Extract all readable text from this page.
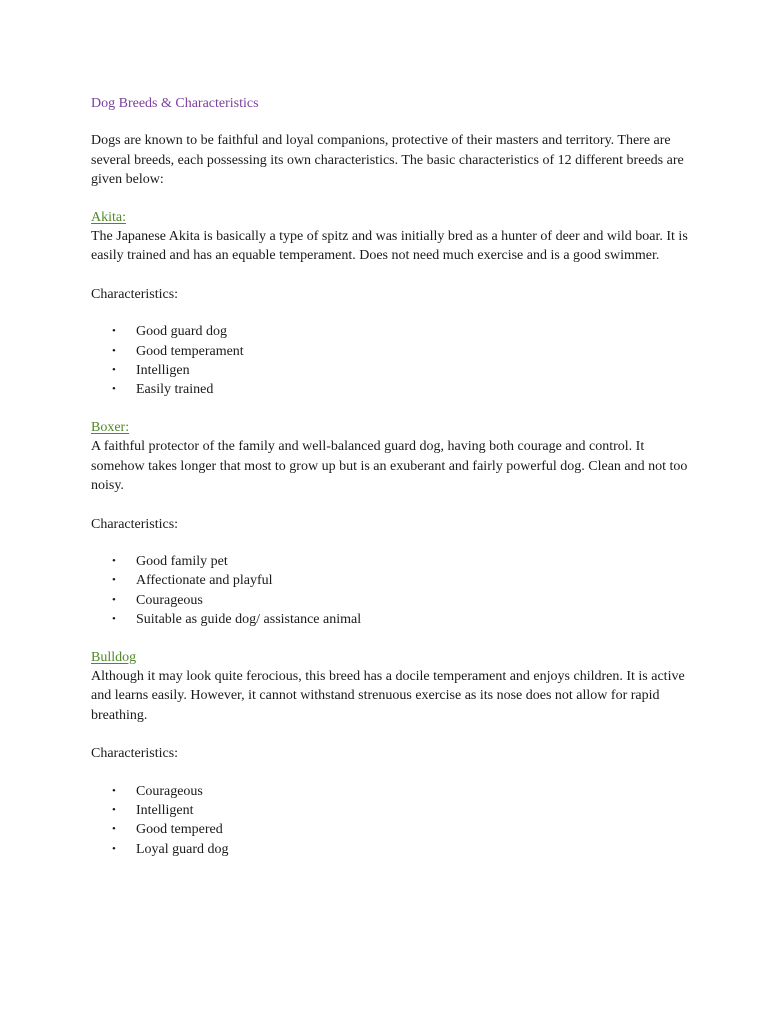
Dog Breeds & Characteristics

Dogs are known to be faithful and loyal companions, protective of their masters and territory. There are several breeds, each possessing its own characteristics. The basic characteristics of 12 different breeds are given below:

Akita:

The Japanese Akita is basically a type of spitz and was initially bred as a hunter of deer and wild boar. It is easily trained and has an equable temperament. Does not need much exercise and is a good swimmer.

Characteristics:

• Good guard dog
• Good temperament
• Intelligen
• Easily trained

Boxer:

A faithful protector of the family and well-balanced guard dog, having both courage and control. It somehow takes longer that most to grow up but is an exuberant and fairly powerful dog. Clean and not too noisy.

Characteristics:

• Good family pet
• Affectionate and playful
• Courageous
• Suitable as guide dog/ assistance animal

Bulldog

Although it may look quite ferocious, this breed has a docile temperament and enjoys children. It is active and learns easily. However, it cannot withstand strenuous exercise as its nose does not allow for rapid breathing.

Characteristics:

• Courageous
• Intelligent
• Good tempered
• Loyal guard dog
